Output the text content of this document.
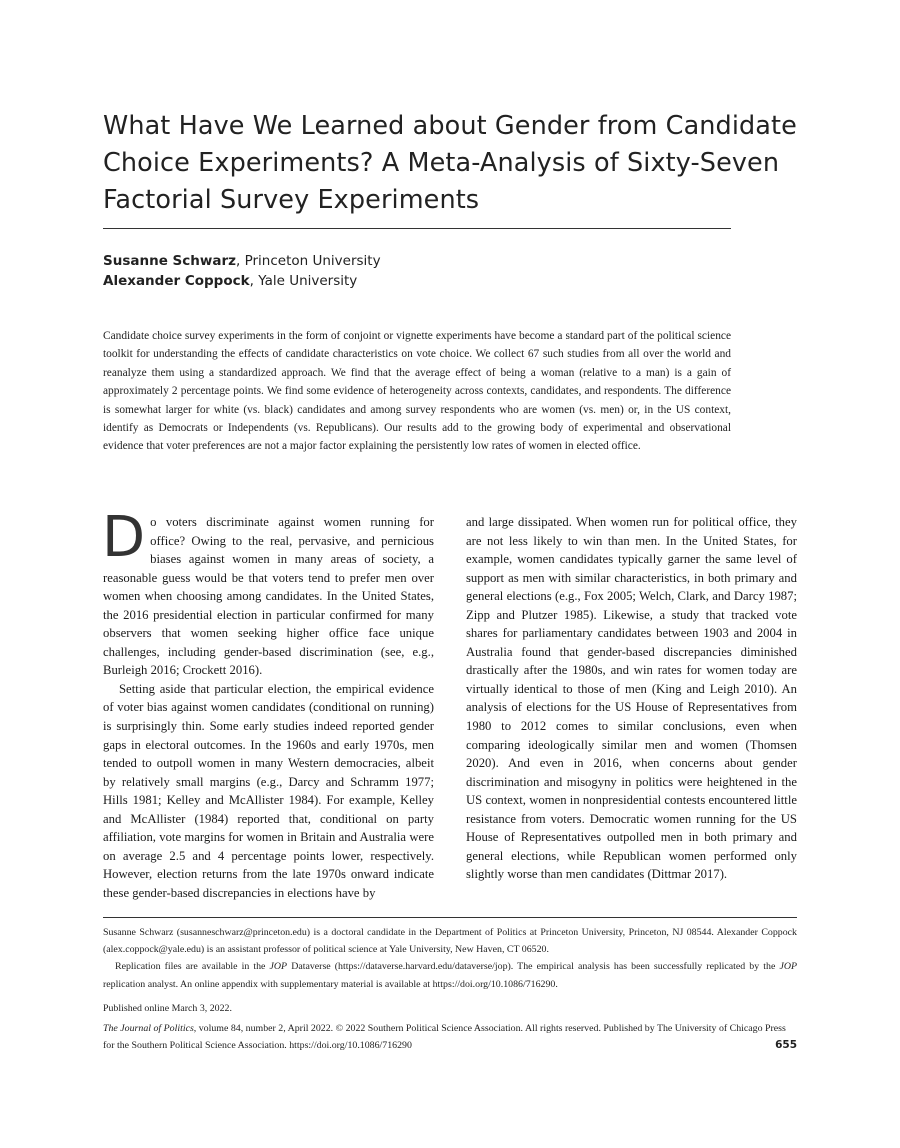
What Have We Learned about Gender from Candidate Choice Experiments? A Meta-Analysis of Sixty-Seven Factorial Survey Experiments
Susanne Schwarz, Princeton University
Alexander Coppock, Yale University

Candidate choice survey experiments in the form of conjoint or vignette experiments have become a standard part of the political science toolkit for understanding the effects of candidate characteristics on vote choice. We collect 67 such studies from all over the world and reanalyze them using a standardized approach. We find that the average effect of being a woman (relative to a man) is a gain of approximately 2 percentage points. We find some evidence of heterogeneity across contexts, candidates, and respondents. The difference is somewhat larger for white (vs. black) candidates and among survey respondents who are women (vs. men) or, in the US context, identify as Democrats or Independents (vs. Republicans). Our results add to the growing body of experimental and observational evidence that voter preferences are not a major factor explaining the persistently low rates of women in elected office.

Do voters discriminate against women running for office? Owing to the real, pervasive, and pernicious biases against women in many areas of society, a reasonable guess would be that voters tend to prefer men over women when choosing among candidates. In the United States, the 2016 presidential election in particular confirmed for many observers that women seeking higher office face unique challenges, including gender-based discrimination (see, e.g., Burleigh 2016; Crockett 2016).

Setting aside that particular election, the empirical evidence of voter bias against women candidates (conditional on running) is surprisingly thin. Some early studies indeed reported gender gaps in electoral outcomes. In the 1960s and early 1970s, men tended to outpoll women in many Western democracies, albeit by relatively small margins (e.g., Darcy and Schramm 1977; Hills 1981; Kelley and McAllister 1984). For example, Kelley and McAllister (1984) reported that, conditional on party affiliation, vote margins for women in Britain and Australia were on average 2.5 and 4 percentage points lower, respectively. However, election returns from the late 1970s onward indicate these gender-based discrepancies in elections have by

and large dissipated. When women run for political office, they are not less likely to win than men. In the United States, for example, women candidates typically garner the same level of support as men with similar characteristics, in both primary and general elections (e.g., Fox 2005; Welch, Clark, and Darcy 1987; Zipp and Plutzer 1985). Likewise, a study that tracked vote shares for parliamentary candidates between 1903 and 2004 in Australia found that gender-based discrepancies diminished drastically after the 1980s, and win rates for women today are virtually identical to those of men (King and Leigh 2010). An analysis of elections for the US House of Representatives from 1980 to 2012 comes to similar conclusions, even when comparing ideologically similar men and women (Thomsen 2020). And even in 2016, when concerns about gender discrimination and misogyny in politics were heightened in the US context, women in nonpresidential contests encountered little resistance from voters. Democratic women running for the US House of Representatives outpolled men in both primary and general elections, while Republican women performed only slightly worse than men candidates (Dittmar 2017).

Susanne Schwarz (susanneschwarz@princeton.edu) is a doctoral candidate in the Department of Politics at Princeton University, Princeton, NJ 08544. Alexander Coppock (alex.coppock@yale.edu) is an assistant professor of political science at Yale University, New Haven, CT 06520.

Replication files are available in the JOP Dataverse (https://dataverse.harvard.edu/dataverse/jop). The empirical analysis has been successfully replicated by the JOP replication analyst. An online appendix with supplementary material is available at https://doi.org/10.1086/716290.

Published online March 3, 2022.
The Journal of Politics, volume 84, number 2, April 2022. © 2022 Southern Political Science Association. All rights reserved. Published by The University of Chicago Press for the Southern Political Science Association. https://doi.org/10.1086/716290	655
